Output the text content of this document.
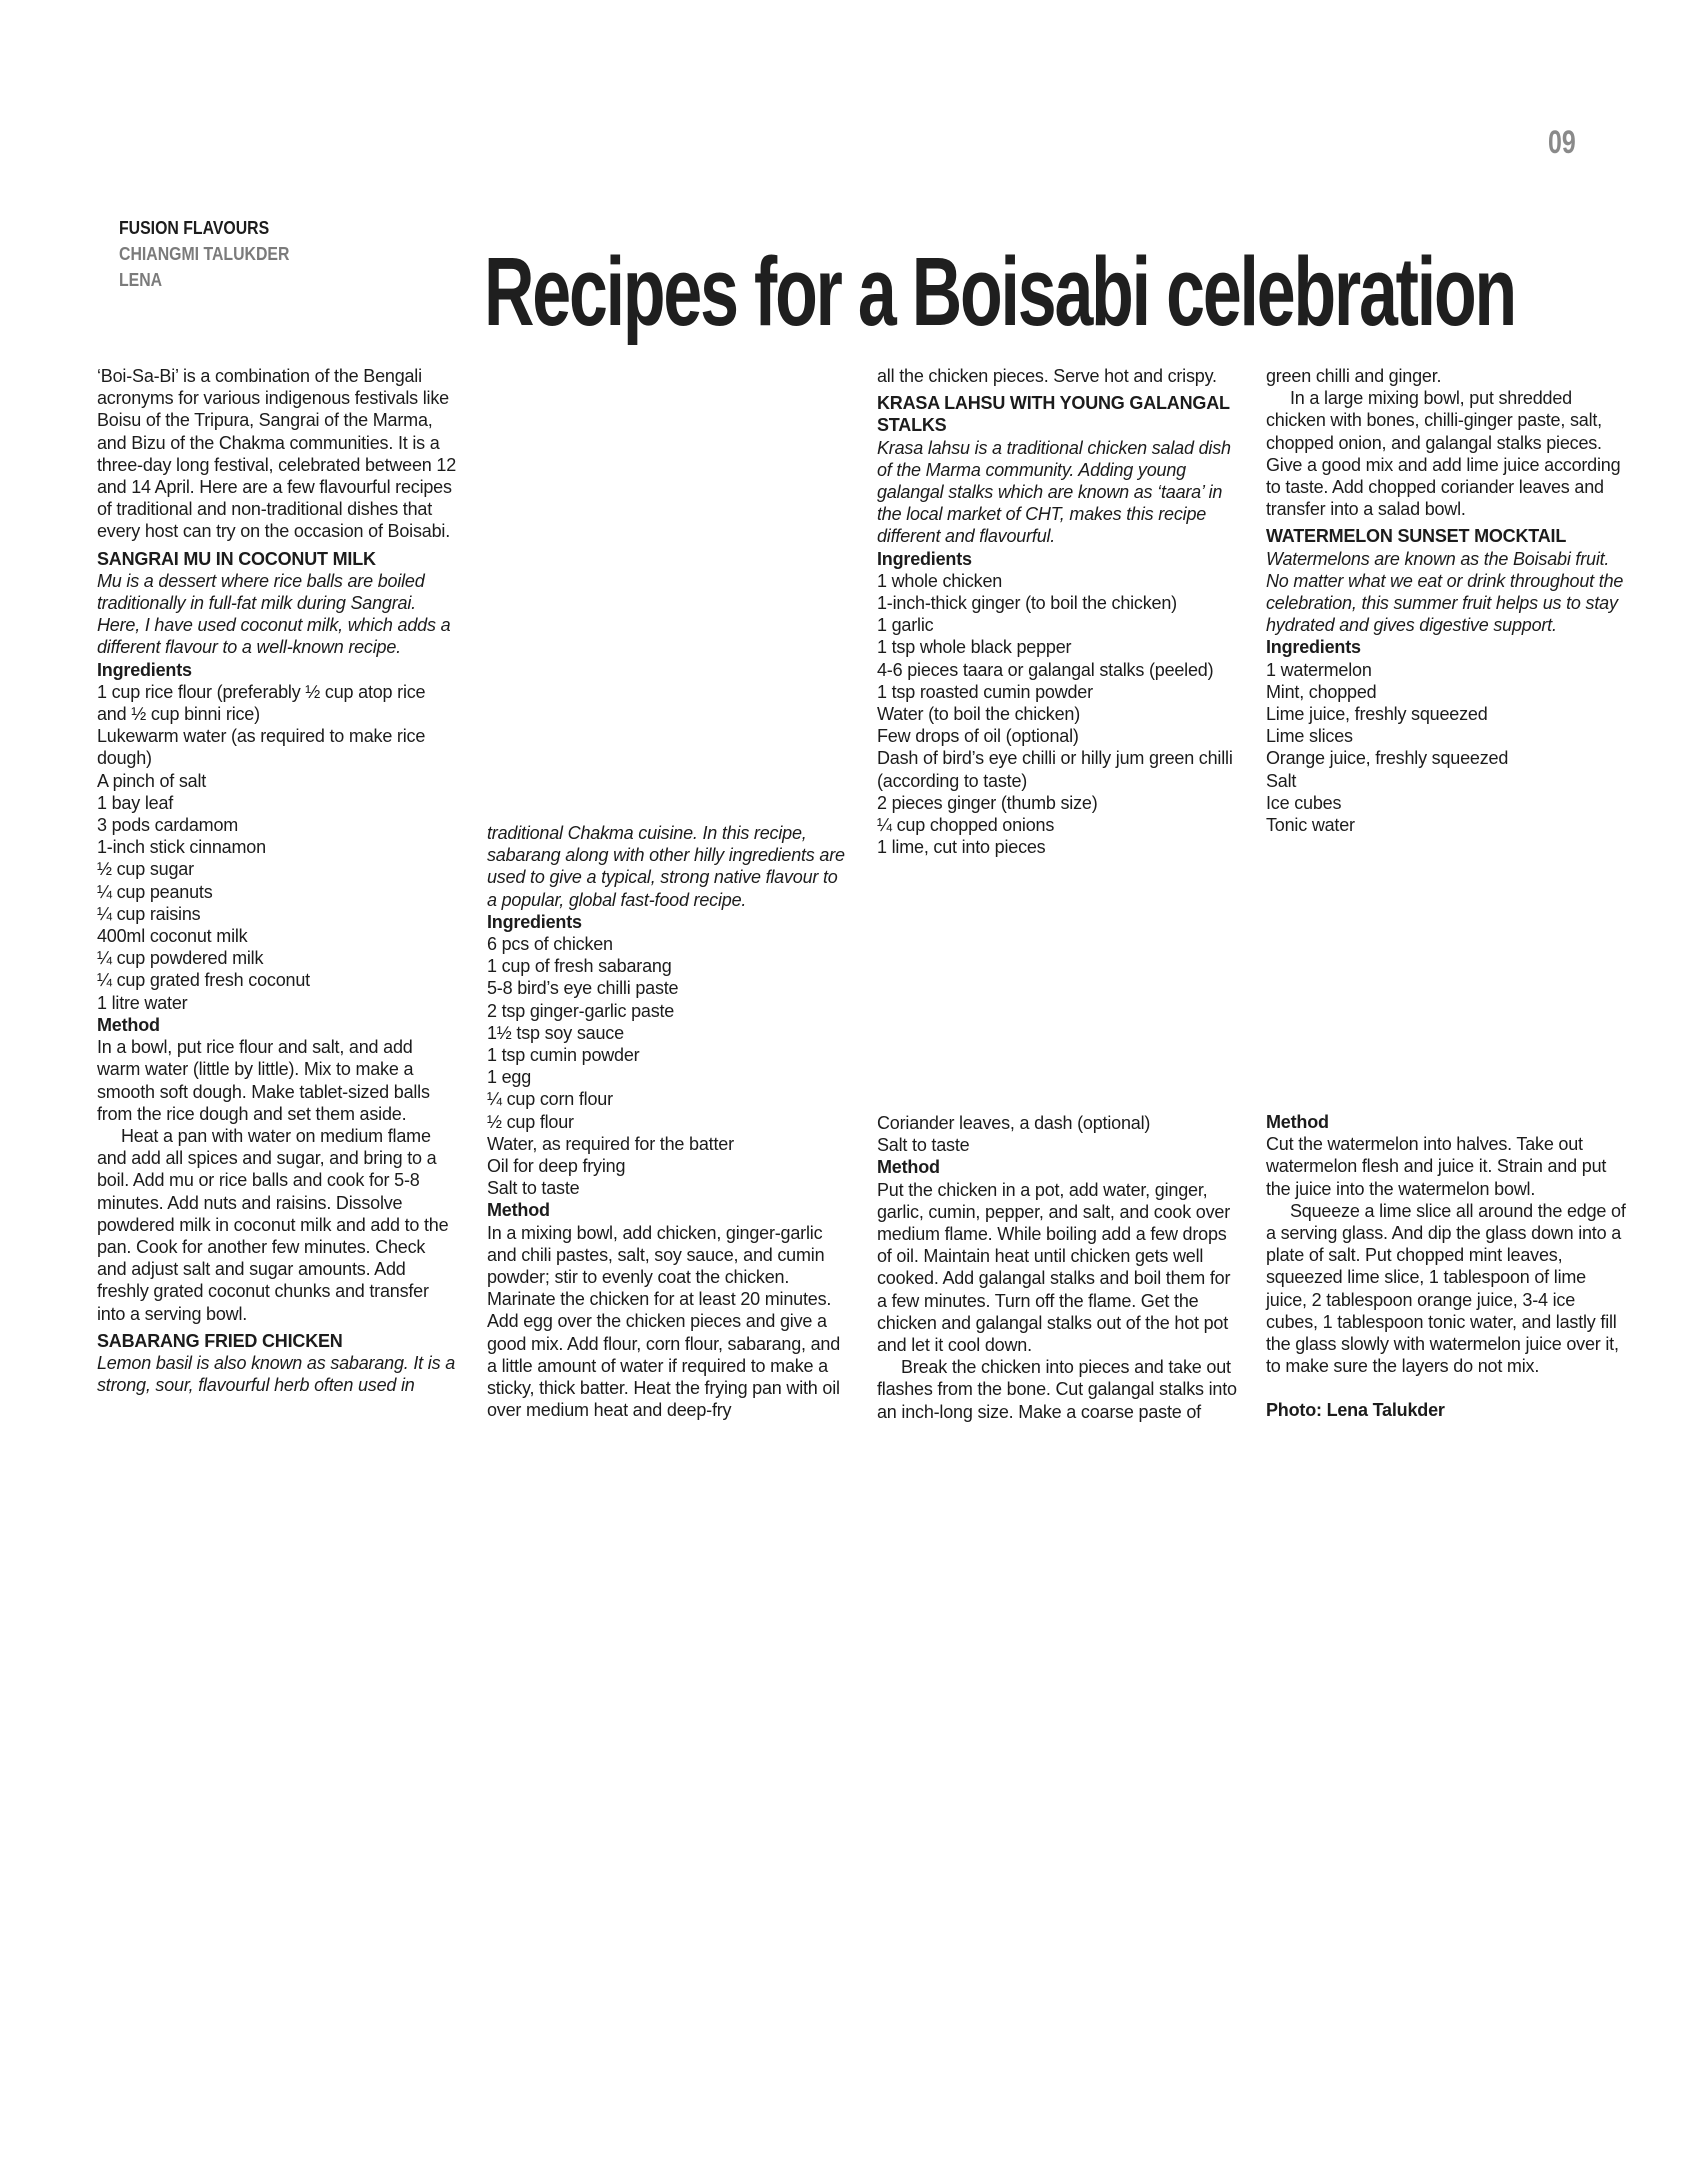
09
FUSION FLAVOURS
CHIANGMI TALUKDER
LENA	Recipes for a Boisabi celebration

‘Boi-Sa-Bi’ is a combination of the Bengali acronyms for various indigenous festivals like Boisu of the Tripura, Sangrai of the Marma, and Bizu of the Chakma communities. It is a three-day long festival, celebrated between 12 and 14 April. Here are a few flavourful recipes of traditional and non-traditional dishes that every host can try on the occasion of Boisabi.

SANGRAI MU IN COCONUT MILK

Mu is a dessert where rice balls are boiled traditionally in full-fat milk during Sangrai. Here, I have used coconut milk, which adds a different flavour to a well-known recipe.

Ingredients

1 cup rice flour (preferably ½ cup atop rice and ½ cup binni rice)
Lukewarm water (as required to make rice dough)
A pinch of salt
1 bay leaf
3 pods cardamom
1-inch stick cinnamon
½ cup sugar
¼ cup peanuts
¼ cup raisins
400ml coconut milk
¼ cup powdered milk
¼ cup grated fresh coconut
1 litre water

Method

In a bowl, put rice flour and salt, and add warm water (little by little). Mix to make a smooth soft dough. Make tablet-sized balls from the rice dough and set them aside.

Heat a pan with water on medium flame and add all spices and sugar, and bring to a boil. Add mu or rice balls and cook for 5-8 minutes. Add nuts and raisins. Dissolve powdered milk in coconut milk and add to the pan. Cook for another few minutes. Check and adjust salt and sugar amounts. Add freshly grated coconut chunks and transfer into a serving bowl.

SABARANG FRIED CHICKEN

Lemon basil is also known as sabarang. It is a strong, sour, flavourful herb often used in

traditional Chakma cuisine. In this recipe, sabarang along with other hilly ingredients are used to give a typical, strong native flavour to a popular, global fast-food recipe.

Ingredients

6 pcs of chicken
1 cup of fresh sabarang
5-8 bird’s eye chilli paste
2 tsp ginger-garlic paste
1½ tsp soy sauce
1 tsp cumin powder
1 egg
¼ cup corn flour
½ cup flour
Water, as required for the batter
Oil for deep frying
Salt to taste

Method

In a mixing bowl, add chicken, ginger-garlic and chili pastes, salt, soy sauce, and cumin powder; stir to evenly coat the chicken. Marinate the chicken for at least 20 minutes. Add egg over the chicken pieces and give a good mix. Add flour, corn flour, sabarang, and a little amount of water if required to make a sticky, thick batter. Heat the frying pan with oil over medium heat and deep-fry

all the chicken pieces. Serve hot and crispy.

KRASA LAHSU WITH YOUNG GALANGAL STALKS

Krasa lahsu is a traditional chicken salad dish of the Marma community. Adding young galangal stalks which are known as ‘taara’ in the local market of CHT, makes this recipe different and flavourful.

Ingredients

1 whole chicken
1-inch-thick ginger (to boil the chicken)
1 garlic
1 tsp whole black pepper
4-6 pieces taara or galangal stalks (peeled)
1 tsp roasted cumin powder
Water (to boil the chicken)
Few drops of oil (optional)
Dash of bird’s eye chilli or hilly jum green chilli (according to taste)
2 pieces ginger (thumb size)
¼ cup chopped onions
1 lime, cut into pieces
Coriander leaves, a dash (optional)
Salt to taste

Method

Put the chicken in a pot, add water, ginger, garlic, cumin, pepper, and salt, and cook over medium flame. While boiling add a few drops of oil. Maintain heat until chicken gets well cooked. Add galangal stalks and boil them for a few minutes. Turn off the flame. Get the chicken and galangal stalks out of the hot pot and let it cool down.

Break the chicken into pieces and take out flashes from the bone. Cut galangal stalks into an inch-long size. Make a coarse paste of

green chilli and ginger.

In a large mixing bowl, put shredded chicken with bones, chilli-ginger paste, salt, chopped onion, and galangal stalks pieces. Give a good mix and add lime juice according to taste. Add chopped coriander leaves and transfer into a salad bowl.

WATERMELON SUNSET MOCKTAIL

Watermelons are known as the Boisabi fruit. No matter what we eat or drink throughout the celebration, this summer fruit helps us to stay hydrated and gives digestive support.

Ingredients

1 watermelon
Mint, chopped
Lime juice, freshly squeezed
Lime slices
Orange juice, freshly squeezed
Salt
Ice cubes
Tonic water

Method

Cut the watermelon into halves. Take out watermelon flesh and juice it. Strain and put the juice into the watermelon bowl.

Squeeze a lime slice all around the edge of a serving glass. And dip the glass down into a plate of salt. Put chopped mint leaves, squeezed lime slice, 1 tablespoon of lime juice, 2 tablespoon orange juice, 3-4 ice cubes, 1 tablespoon tonic water, and lastly fill the glass slowly with watermelon juice over it, to make sure the layers do not mix.

Photo: Lena Talukder
